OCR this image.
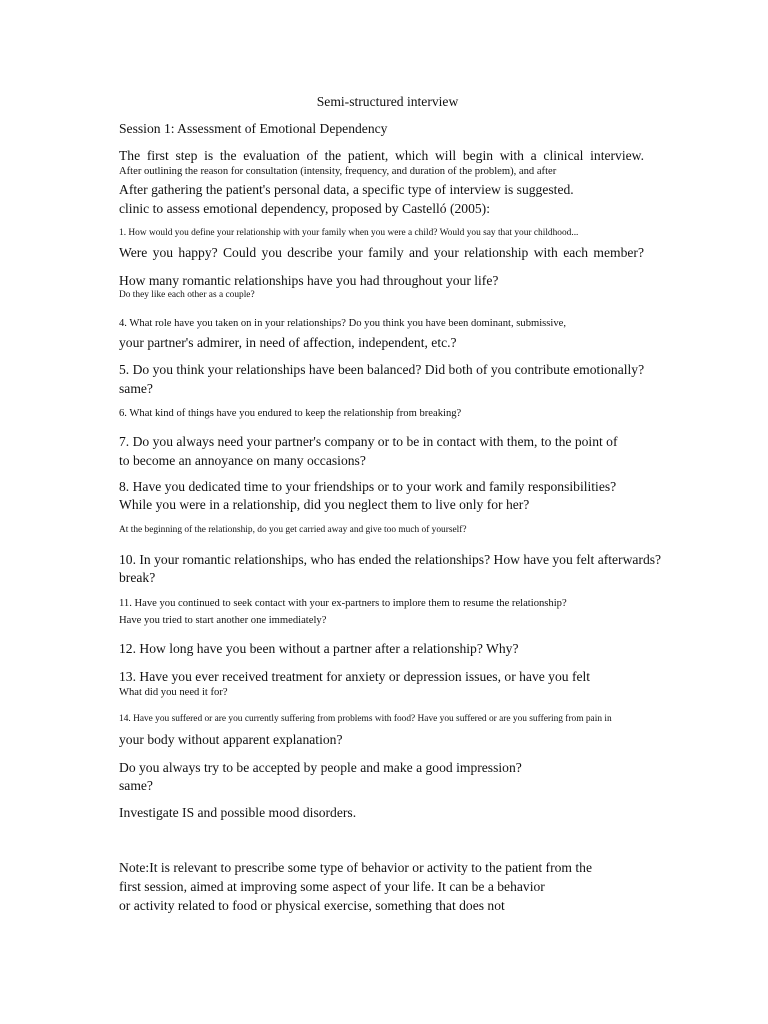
Semi-structured interview

Session 1: Assessment of Emotional Dependency

The first step is the evaluation of the patient, which will begin with a clinical interview.

After outlining the reason for consultation (intensity, frequency, and duration of the problem), and after

After gathering the patient's personal data, a specific type of interview is suggested.

clinic to assess emotional dependency, proposed by Castelló (2005):

1. How would you define your relationship with your family when you were a child? Would you say that your childhood...

Were you happy? Could you describe your family and your relationship with each member?

How many romantic relationships have you had throughout your life?

Do they like each other as a couple?

4. What role have you taken on in your relationships? Do you think you have been dominant, submissive,

your partner's admirer, in need of affection, independent, etc.?

5. Do you think your relationships have been balanced? Did both of you contribute emotionally?

same?

6. What kind of things have you endured to keep the relationship from breaking?

7. Do you always need your partner's company or to be in contact with them, to the point of

to become an annoyance on many occasions?

8. Have you dedicated time to your friendships or to your work and family responsibilities?

While you were in a relationship, did you neglect them to live only for her?

At the beginning of the relationship, do you get carried away and give too much of yourself?

10. In your romantic relationships, who has ended the relationships? How have you felt afterwards?

break?

11. Have you continued to seek contact with your ex-partners to implore them to resume the relationship?

Have you tried to start another one immediately?

12. How long have you been without a partner after a relationship? Why?

13. Have you ever received treatment for anxiety or depression issues, or have you felt

What did you need it for?

14. Have you suffered or are you currently suffering from problems with food? Have you suffered or are you suffering from pain in

your body without apparent explanation?

Do you always try to be accepted by people and make a good impression?

same?

Investigate IS and possible mood disorders.

Note:It is relevant to prescribe some type of behavior or activity to the patient from the

first session, aimed at improving some aspect of your life. It can be a behavior

or activity related to food or physical exercise, something that does not
